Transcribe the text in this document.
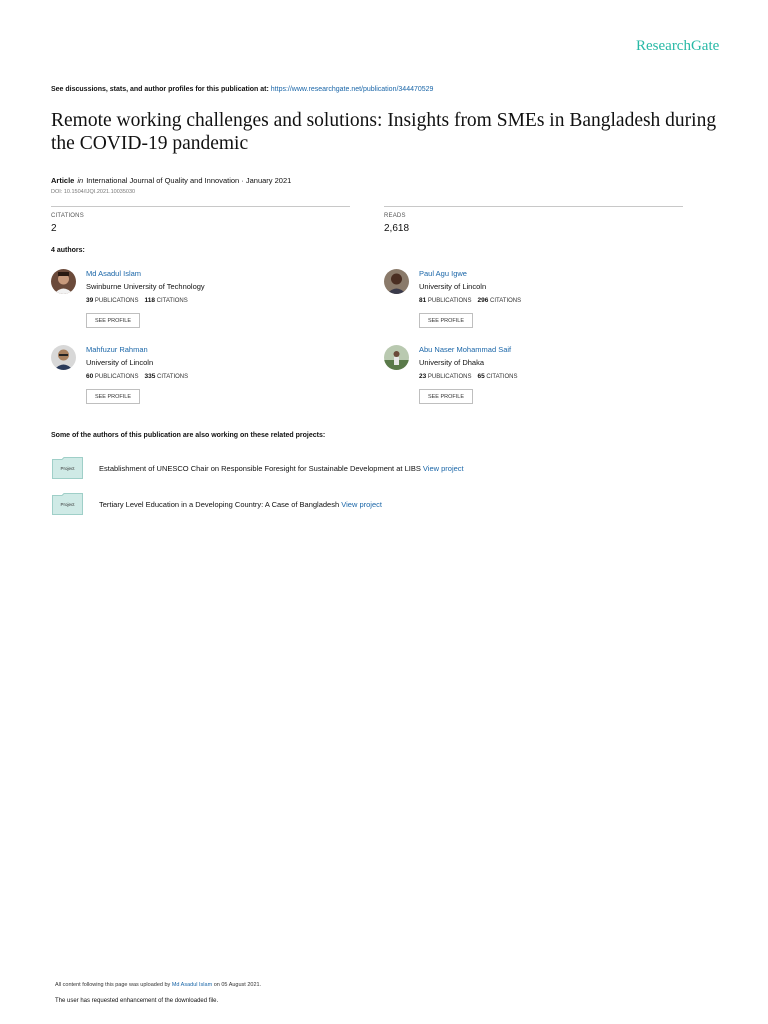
ResearchGate
See discussions, stats, and author profiles for this publication at: https://www.researchgate.net/publication/344470529
Remote working challenges and solutions: Insights from SMEs in Bangladesh during the COVID-19 pandemic
Article in International Journal of Quality and Innovation · January 2021
DOI: 10.1504/IJQI.2021.10035030
CITATIONS
2
READS
2,618
4 authors:
Md Asadul Islam
Swinburne University of Technology
39 PUBLICATIONS 118 CITATIONS
SEE PROFILE
Paul Agu Igwe
University of Lincoln
81 PUBLICATIONS 296 CITATIONS
SEE PROFILE
Mahfuzur Rahman
University of Lincoln
60 PUBLICATIONS 335 CITATIONS
SEE PROFILE
Abu Naser Mohammad Saif
University of Dhaka
23 PUBLICATIONS 65 CITATIONS
SEE PROFILE
Some of the authors of this publication are also working on these related projects:
Project	Establishment of UNESCO Chair on Responsible Foresight for Sustainable Development at LIBS View project
Project	Tertiary Level Education in a Developing Country: A Case of Bangladesh View project
All content following this page was uploaded by Md Asadul Islam on 05 August 2021.
The user has requested enhancement of the downloaded file.
